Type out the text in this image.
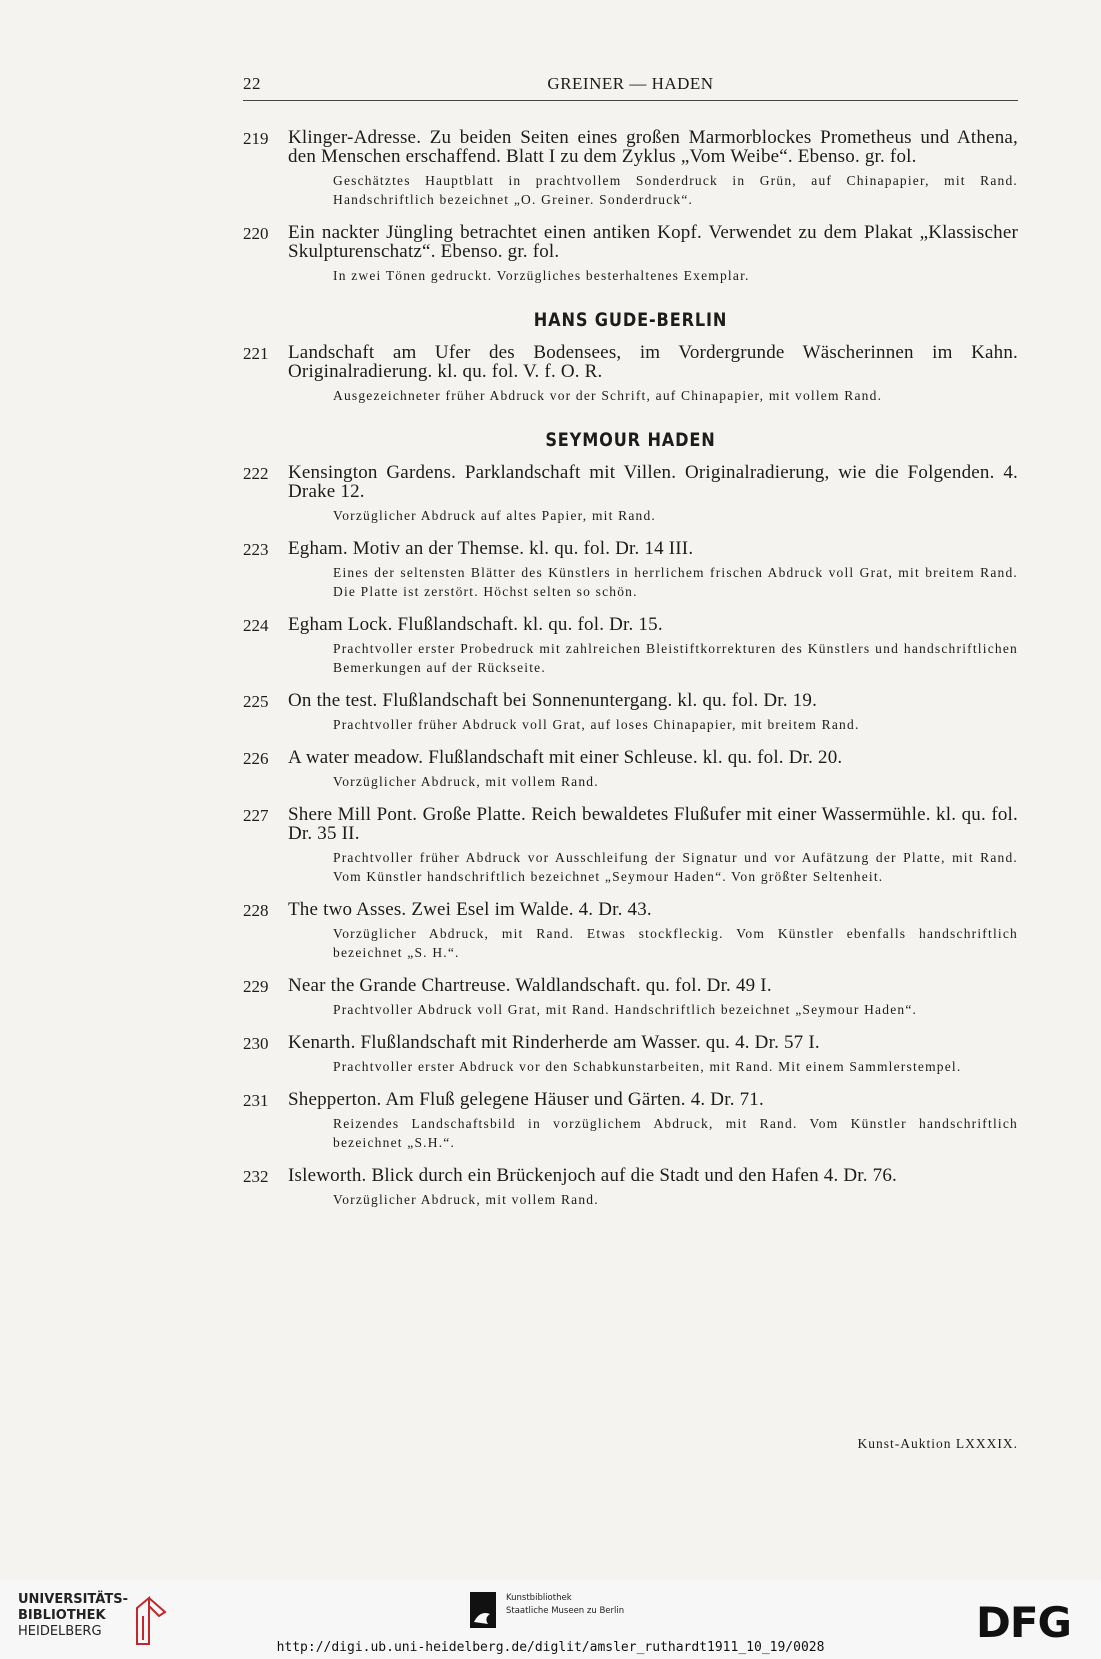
22	GREINER — HADEN
219	Klinger-Adresse. Zu beiden Seiten eines großen Marmorblockes Prometheus und Athena, den Menschen erschaffend. Blatt I zu dem Zyklus „Vom Weibe“. Ebenso. gr. fol.
Geschätztes Hauptblatt in prachtvollem Sonderdruck in Grün, auf Chinapapier, mit Rand. Handschriftlich bezeichnet „O. Greiner. Sonderdruck“.
220	Ein nackter Jüngling betrachtet einen antiken Kopf. Verwendet zu dem Plakat „Klassischer Skulpturenschatz“. Ebenso. gr. fol.
In zwei Tönen gedruckt. Vorzügliches besterhaltenes Exemplar.
HANS GUDE-BERLIN
221	Landschaft am Ufer des Bodensees, im Vordergrunde Wäscherinnen im Kahn. Originalradierung. kl. qu. fol. V. f. O. R.
Ausgezeichneter früher Abdruck vor der Schrift, auf Chinapapier, mit vollem Rand.
SEYMOUR HADEN
222	Kensington Gardens. Parklandschaft mit Villen. Originalradierung, wie die Folgenden. 4. Drake 12.
Vorzüglicher Abdruck auf altes Papier, mit Rand.
223	Egham. Motiv an der Themse. kl. qu. fol. Dr. 14 III.
Eines der seltensten Blätter des Künstlers in herrlichem frischen Abdruck voll Grat, mit breitem Rand. Die Platte ist zerstört. Höchst selten so schön.
224	Egham Lock. Flußlandschaft. kl. qu. fol. Dr. 15.
Prachtvoller erster Probedruck mit zahlreichen Bleistiftkorrekturen des Künstlers und handschriftlichen Bemerkungen auf der Rückseite.
225	On the test. Flußlandschaft bei Sonnenuntergang. kl. qu. fol. Dr. 19.
Prachtvoller früher Abdruck voll Grat, auf loses Chinapapier, mit breitem Rand.
226	A water meadow. Flußlandschaft mit einer Schleuse. kl. qu. fol. Dr. 20.
Vorzüglicher Abdruck, mit vollem Rand.
227	Shere Mill Pont. Große Platte. Reich bewaldetes Flußufer mit einer Wassermühle. kl. qu. fol. Dr. 35 II.
Prachtvoller früher Abdruck vor Ausschleifung der Signatur und vor Aufätzung der Platte, mit Rand. Vom Künstler handschriftlich bezeichnet „Seymour Haden“. Von größter Seltenheit.
228	The two Asses. Zwei Esel im Walde. 4. Dr. 43.
Vorzüglicher Abdruck, mit Rand. Etwas stockfleckig. Vom Künstler ebenfalls handschriftlich bezeichnet „S. H.“.
229	Near the Grande Chartreuse. Waldlandschaft. qu. fol. Dr. 49 I.
Prachtvoller Abdruck voll Grat, mit Rand. Handschriftlich bezeichnet „Seymour Haden“.
230	Kenarth. Flußlandschaft mit Rinderherde am Wasser. qu. 4. Dr. 57 I.
Prachtvoller erster Abdruck vor den Schabkunstarbeiten, mit Rand. Mit einem Sammlerstempel.
231	Shepperton. Am Fluß gelegene Häuser und Gärten. 4. Dr. 71.
Reizendes Landschaftsbild in vorzüglichem Abdruck, mit Rand. Vom Künstler handschriftlich bezeichnet „S.H.“.
232	Isleworth. Blick durch ein Brückenjoch auf die Stadt und den Hafen 4. Dr. 76.
Vorzüglicher Abdruck, mit vollem Rand.
Kunst-Auktion LXXXIX.
UNIVERSITÄTS-
BIBLIOTHEK
HEIDELBERG
Kunstbibliothek
Staatliche Museen zu Berlin	DFG
http://digi.ub.uni-heidelberg.de/diglit/amsler_ruthardt1911_10_19/0028
